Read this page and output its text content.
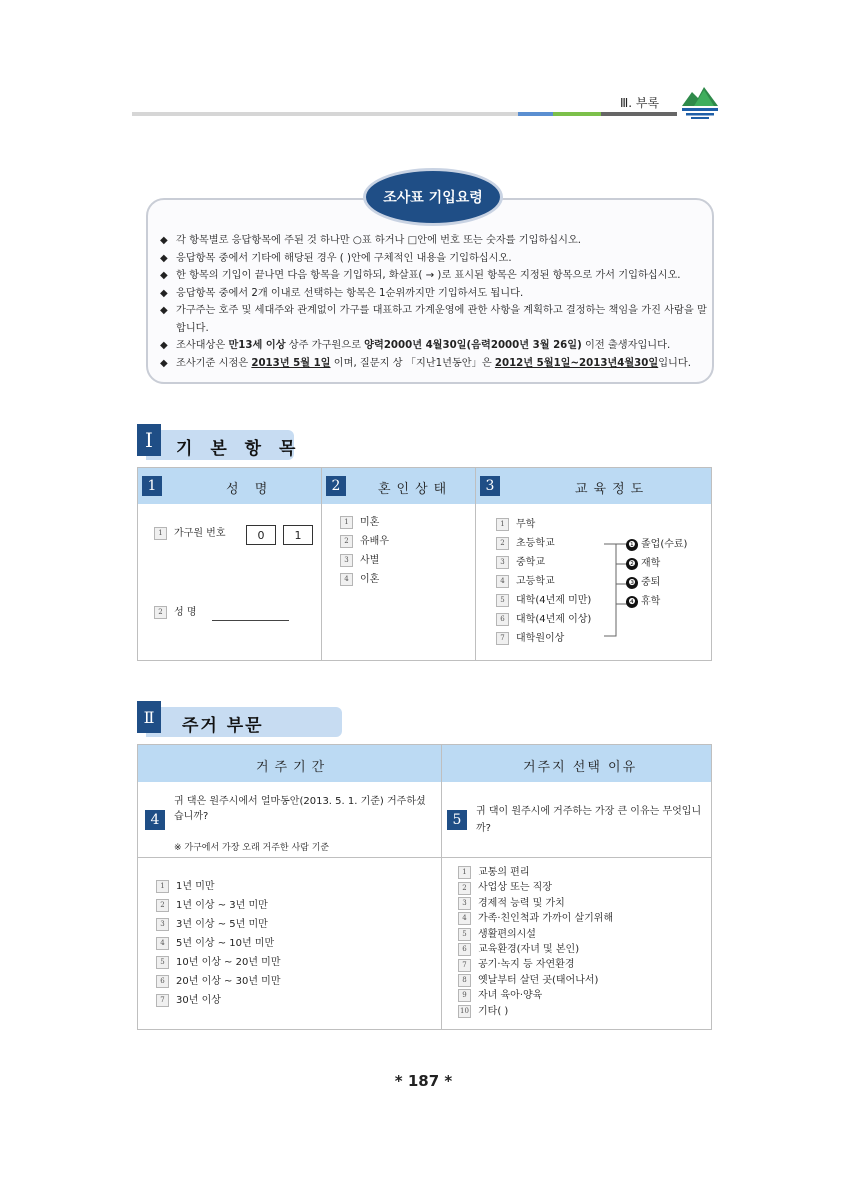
Ⅲ. 부록
조사표 기입요령
◆ 각 항목별로 응답항목에 주된 것 하나만 ○표 하거나 □안에 번호 또는 숫자를 기입하십시오.
◆ 응답항목 중에서 기타에 해당된 경우 ( )안에 구체적인 내용을 기입하십시오.
◆ 한 항목의 기입이 끝나면 다음 항목을 기입하되, 화살표( → )로 표시된 항목은 지정된 항목으로 가서 기입하십시오.
◆ 응답항목 중에서 2개 이내로 선택하는 항목은 1순위까지만 기입하셔도 됩니다.
◆ 가구주는 호주 및 세대주와 관계없이 가구를 대표하고 가계운영에 관한 사항을 계획하고 결정하는 책임을 가진 사람을 말합니다.
◆ 조사대상은 만13세 이상 상주 가구원으로 양력2000년 4월30일(음력2000년 3월 26일) 이전 출생자입니다.
◆ 조사기준 시점은 2013년 5월 1일 이며, 질문지 상 「지난1년동안」은 2012년 5월1일~2013년4월30일입니다.
I	기 본 항 목
1	성 명	2	혼인상태	3	교육정도
1	가구원 번호	0	1
2	성 명
1	미혼
2	유배우
3	사별
4	이혼
1	무학
2	초등학교
3	중학교
4	고등학교
5	대학(4년제 미만)
6	대학(4년제 이상)
7	대학원이상
❶ 졸업(수료)
❷ 재학
❸ 중퇴
❹ 휴학
Ⅱ	주거 부문
거주기간	거주지 선택 이유
4
귀 댁은 원주시에서 얼마동안(2013. 5. 1. 기준) 거주하셨습니까?
※ 가구에서 가장 오래 거주한 사람 기준
5
귀 댁이 원주시에 거주하는 가장 큰 이유는 무엇입니까?
1	1년 미만
2	1년 이상 ~ 3년 미만
3	3년 이상 ~ 5년 미만
4	5년 이상 ~ 10년 미만
5	10년 이상 ~ 20년 미만
6	20년 이상 ~ 30년 미만
7	30년 이상
1	교통의 편리
2	사업상 또는 직장
3	경제적 능력 및 가치
4	가족·친인척과 가까이 살기위해
5	생활편의시설
6	교육환경(자녀 및 본인)
7	공기·녹지 등 자연환경
8	옛날부터 살던 곳(태어나서)
9	자녀 육아·양육
10 기타( )
* 187 *
